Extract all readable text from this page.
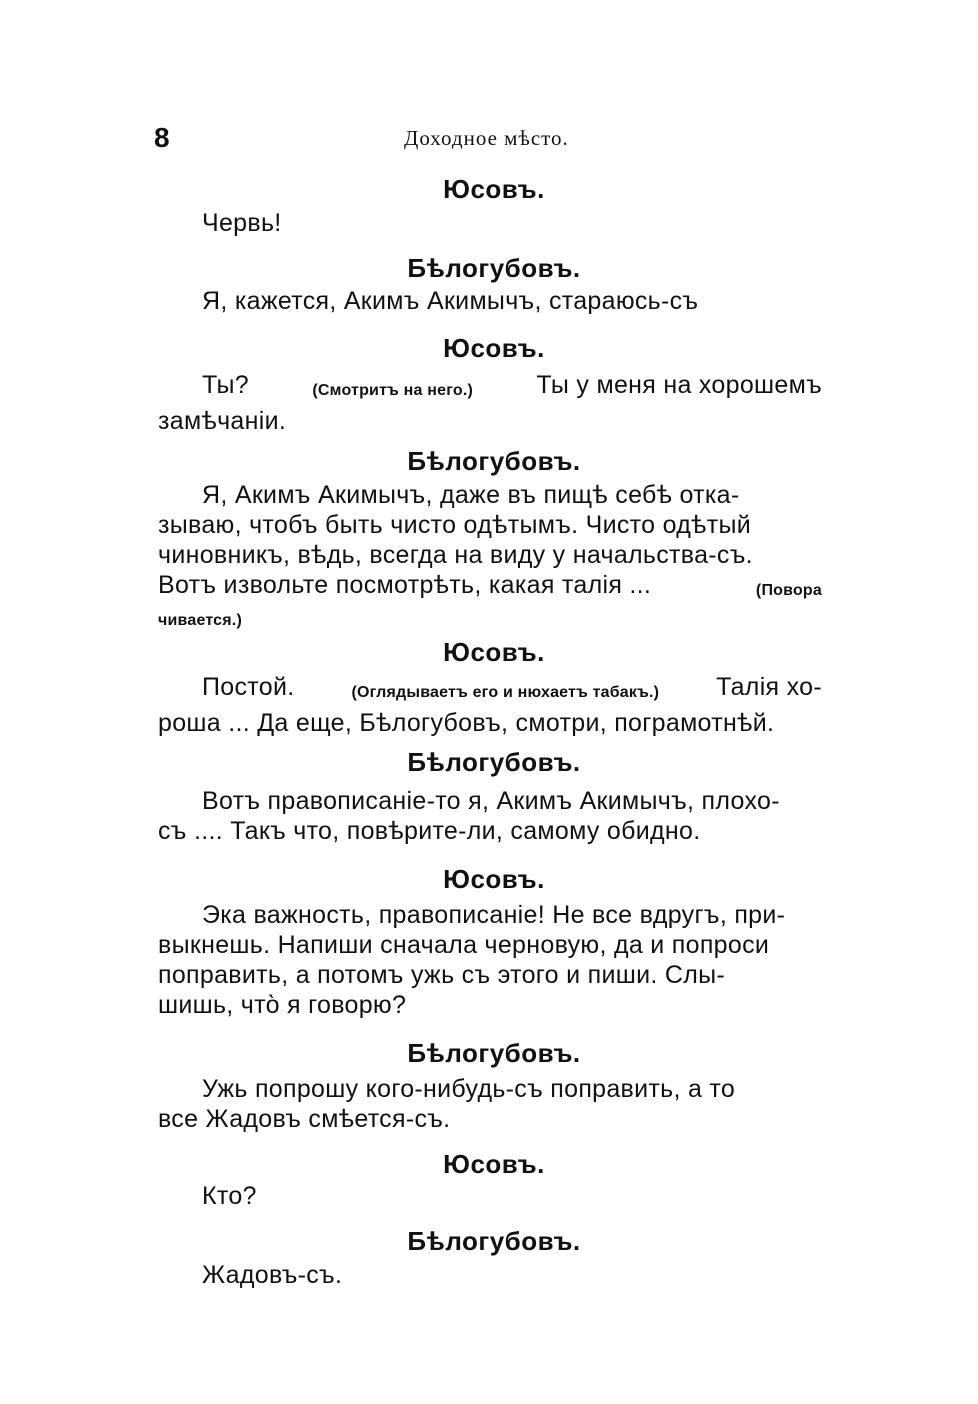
8	Доходное мѣсто.
Юсовъ.
Червь!
Бѣлогубовъ.
Я, кажется, Акимъ Акимычъ, стараюсь-съ
Юсовъ.
Ты?	(Смотритъ на него.)	Ты у меня на хорошемъ
замѣчаніи.
Бѣлогубовъ.
Я, Акимъ Акимычъ, даже въ пищѣ себѣ отка-
зываю, чтобъ быть чисто одѣтымъ. Чисто одѣтый
чиновникъ, вѣдь, всегда на виду у начальства-съ.
Вотъ извольте посмотрѣть, какая талія ...	(Повора
чивается.)
Юсовъ.
Постой.	(Оглядываетъ его и нюхаетъ табакъ.) Талія хо-
роша ... Да еще, Бѣлогубовъ, смотри, пограмотнѣй.
Бѣлогубовъ.
Вотъ правописаніе-то я, Акимъ Акимычъ, плохо-
съ .... Такъ что, повѣрите-ли, самому обидно.
Юсовъ.
Эка важность, правописаніе! Не все вдругъ, при-
выкнешь. Напиши сначала черновую, да и попроси
поправить, а потомъ ужь съ этого и пиши. Слы-
шишь, что̀ я говорю?
Бѣлогубовъ.
Ужь попрошу кого-нибудь-съ поправить, а то
все Жадовъ смѣется-съ.
Юсовъ.
Кто?
Бѣлогубовъ.
Жадовъ-съ.
